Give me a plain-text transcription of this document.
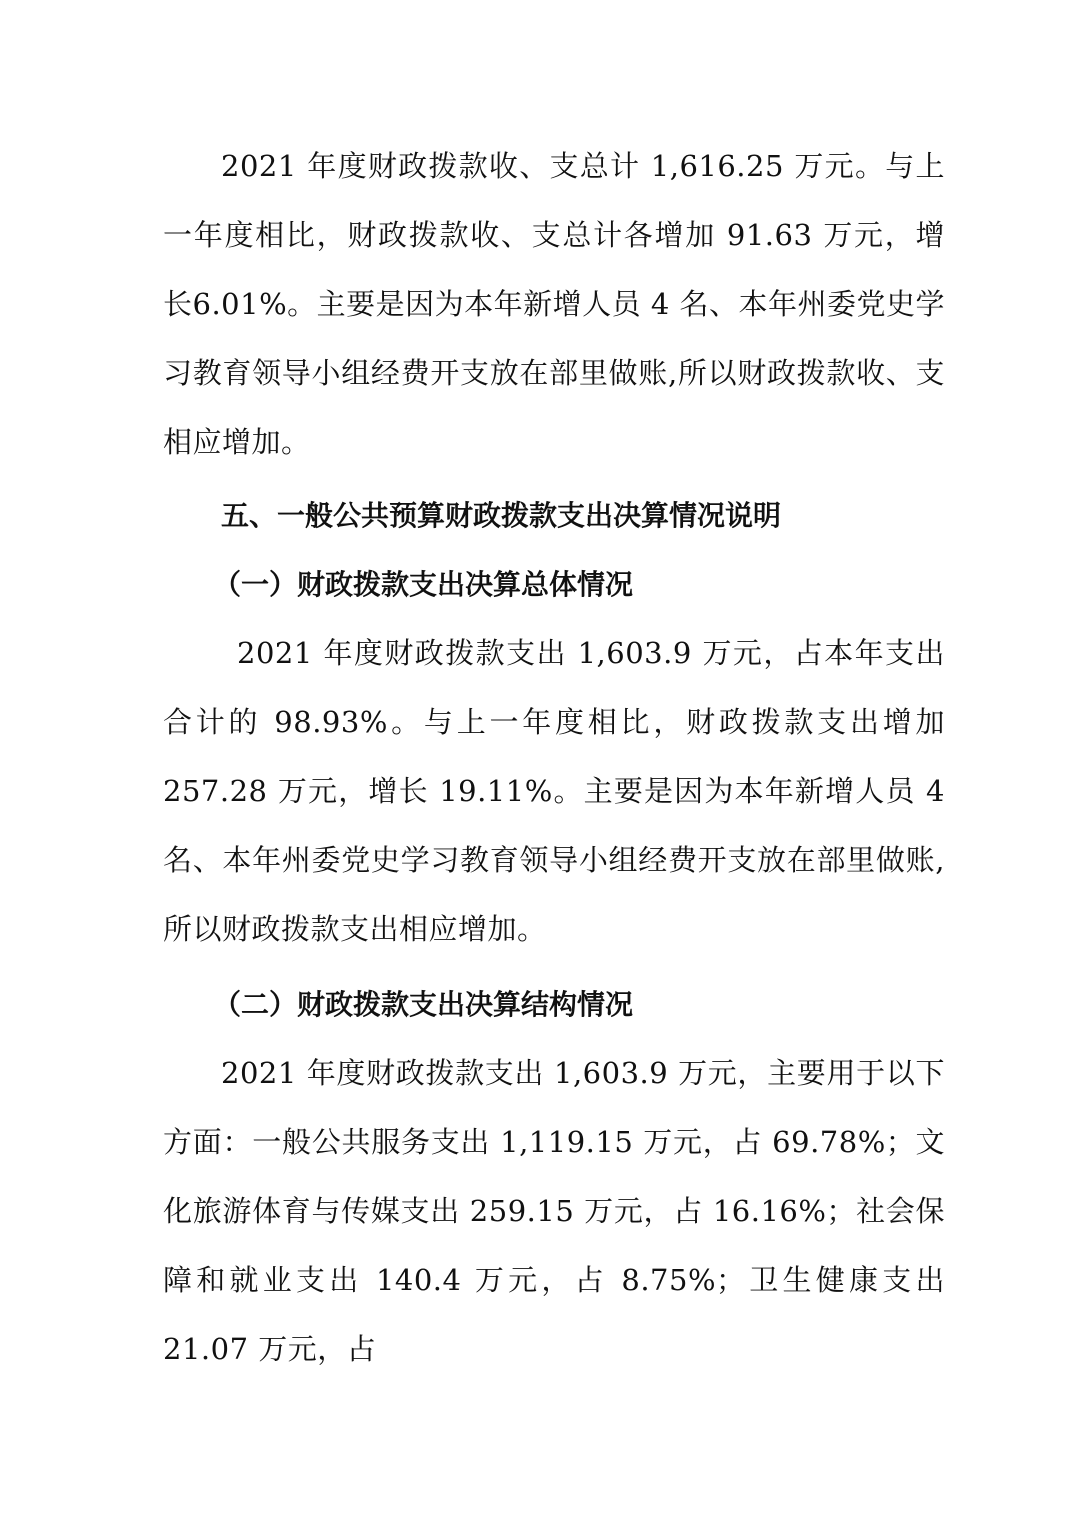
2021 年度财政拨款收、支总计 1,616.25 万元。与上一年度相比，财政拨款收、支总计各增加 91.63 万元，增长6.01%。主要是因为本年新增人员 4 名、本年州委党史学习教育领导小组经费开支放在部里做账,所以财政拨款收、支相应增加。

五、一般公共预算财政拨款支出决算情况说明

（一）财政拨款支出决算总体情况

2021 年度财政拨款支出 1,603.9 万元，占本年支出合计的 98.93%。与上一年度相比，财政拨款支出增加 257.28 万元，增长 19.11%。主要是因为本年新增人员 4 名、本年州委党史学习教育领导小组经费开支放在部里做账,所以财政拨款支出相应增加。

（二）财政拨款支出决算结构情况

2021 年度财政拨款支出 1,603.9 万元，主要用于以下方面：一般公共服务支出 1,119.15 万元，占 69.78%；文化旅游体育与传媒支出 259.15 万元，占 16.16%；社会保障和就业支出 140.4 万元，占 8.75%；卫生健康支出 21.07 万元，占
